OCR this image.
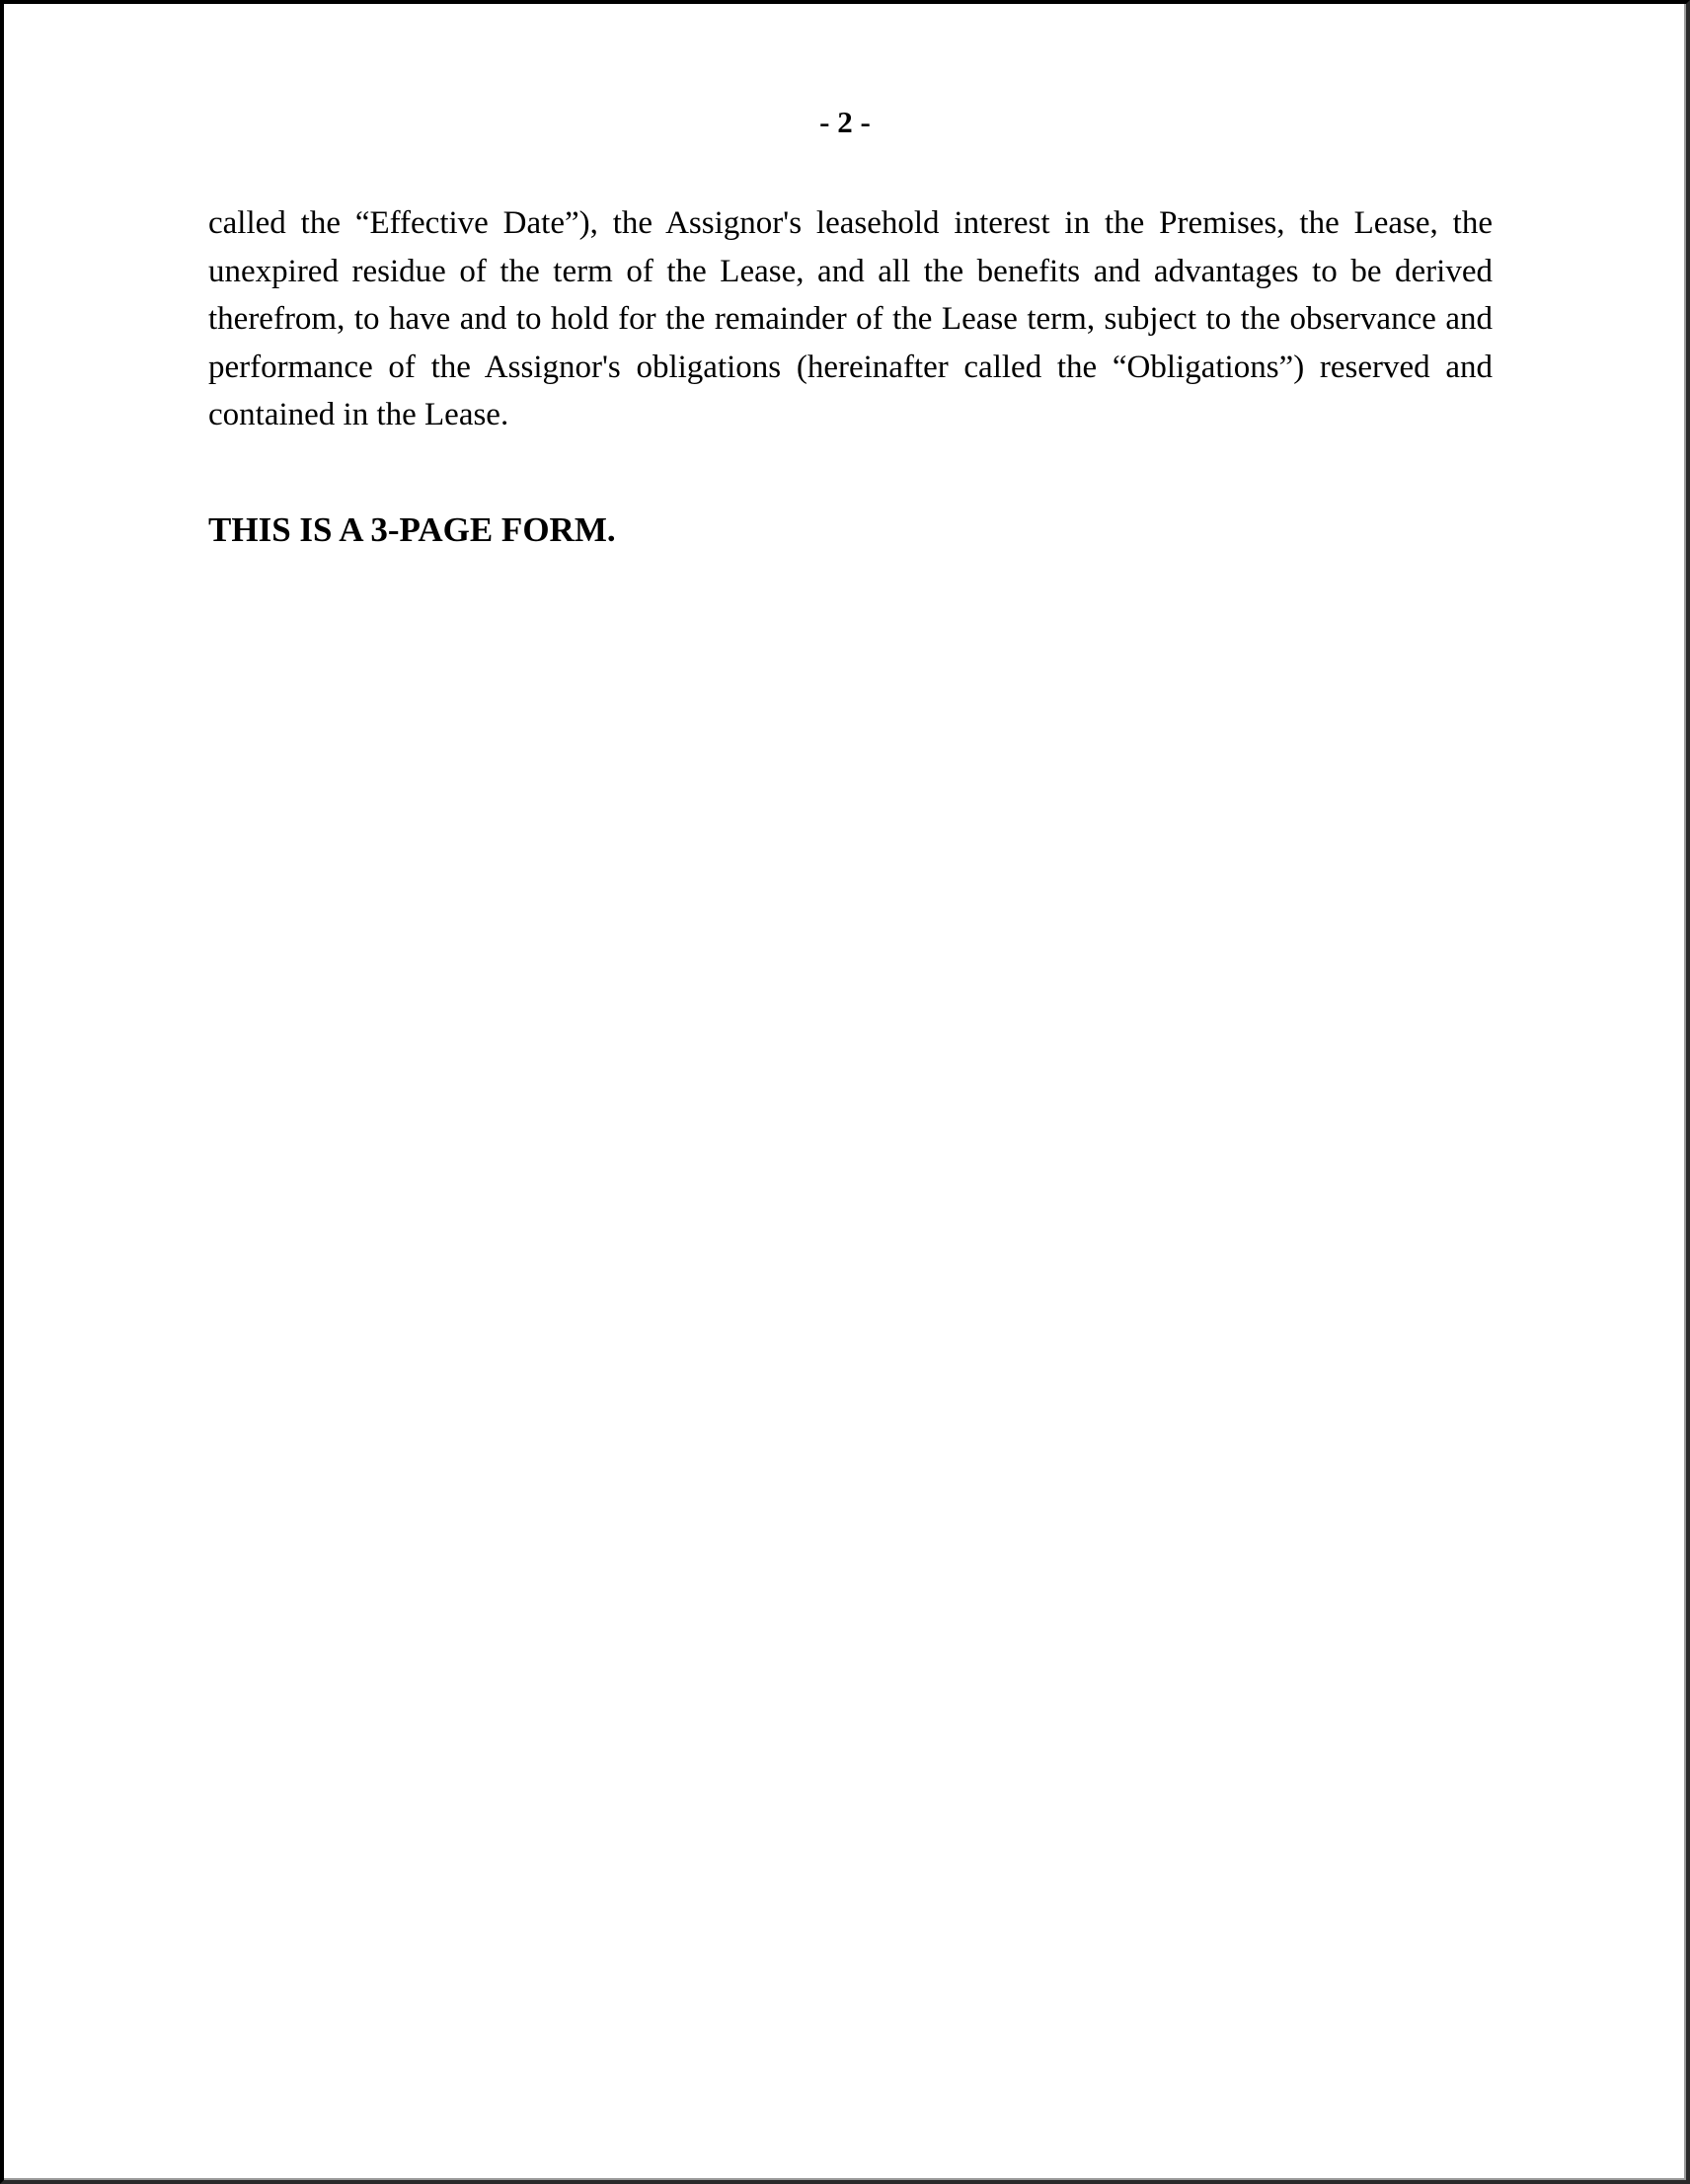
- 2 -

called the “Effective Date”), the Assignor's leasehold interest in the Premises, the Lease, the unexpired residue of the term of the Lease, and all the benefits and advantages to be derived therefrom, to have and to hold for the remainder of the Lease term, subject to the observance and performance of the Assignor's obligations (hereinafter called the “Obligations”) reserved and contained in the Lease.

THIS IS A 3-PAGE FORM.
